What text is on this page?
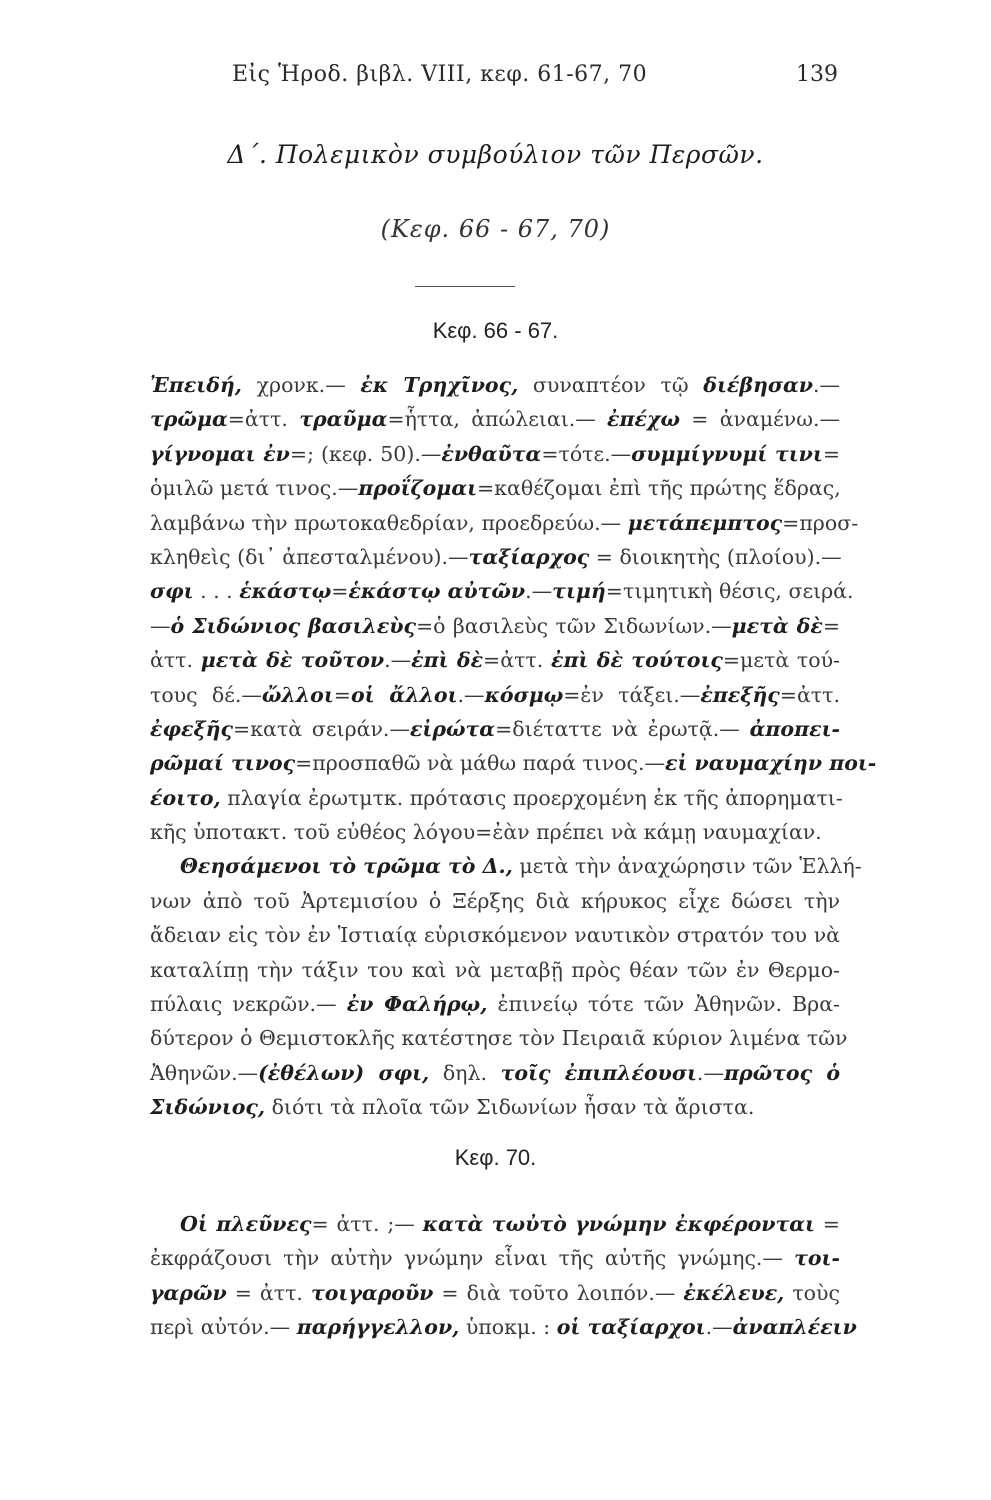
Εἰς Ἡροδ. βιβλ. VIII, κεφ. 61-67, 70	139
Δ΄. Πολεμικὸν συμβούλιον τῶν Περσῶν.
(Κεφ. 66 - 67, 70)
Κεφ. 66 - 67.
Ἐπειδή, χρονκ.— ἐκ Τρηχῖνος, συναπτέον τῷ διέβησαν.—
τρῶμα=ἀττ. τραῦμα=ἧττα, ἀπώλειαι.— ἐπέχω = ἀναμένω.—
γίγνομαι ἐν=; (κεφ. 50).—ἐνθαῦτα=τότε.—συμμίγνυμί τινι=
ὁμιλῶ μετά τινος.—προΐζομαι=καθέζομαι ἐπὶ τῆς πρώτης ἕδρας,
λαμβάνω τὴν πρωτοκαθεδρίαν, προεδρεύω.— μετάπεμπτος=προσ-
κληθεὶς (δι᾽ ἀπεσταλμένου).—ταξίαρχος = διοικητὴς (πλοίου).—
σφι . . . ἑκάστῳ=ἑκάστῳ αὐτῶν.—τιμή=τιμητικὴ θέσις, σειρά.
—ὁ Σιδώνιος βασιλεὺς=ὁ βασιλεὺς τῶν Σιδωνίων.—μετὰ δὲ=
ἀττ. μετὰ δὲ τοῦτον.—ἐπὶ δὲ=ἀττ. ἐπὶ δὲ τούτοις=μετὰ τού-
τους δέ.—ὤλλοι=οἱ ἄλλοι.—κόσμῳ=ἐν τάξει.—ἐπεξῆς=ἀττ.
ἐφεξῆς=κατὰ σειράν.—εἰρώτα=διέταττε νὰ ἐρωτᾷ.— ἀποπει-
ρῶμαί τινος=προσπαθῶ νὰ μάθω παρά τινος.—εἰ ναυμαχίην ποι-
έοιτο, πλαγία ἐρωτμτκ. πρότασις προερχομένη ἐκ τῆς ἀπορηματι-
κῆς ὑποτακτ. τοῦ εὐθέος λόγου=ἐὰν πρέπει νὰ κάμῃ ναυμαχίαν.
Θεησάμενοι τὸ τρῶμα τὸ Δ., μετὰ τὴν ἀναχώρησιν τῶν Ἑλλή-
νων ἀπὸ τοῦ Ἀρτεμισίου ὁ Ξέρξης διὰ κήρυκος εἶχε δώσει τὴν
ἄδειαν εἰς τὸν ἐν Ἱστιαίᾳ εὑρισκόμενον ναυτικὸν στρατόν του νὰ
καταλίπῃ τὴν τάξιν του καὶ νὰ μεταβῇ πρὸς θέαν τῶν ἐν Θερμο-
πύλαις νεκρῶν.— ἐν Φαλήρῳ, ἐπινείῳ τότε τῶν Ἀθηνῶν. Βρα-
δύτερον ὁ Θεμιστοκλῆς κατέστησε τὸν Πειραιᾶ κύριον λιμένα τῶν
Ἀθηνῶν.—(ἐθέλων) σφι, δηλ. τοῖς ἐπιπλέουσι.—πρῶτος ὁ
Σιδώνιος, διότι τὰ πλοῖα τῶν Σιδωνίων ἦσαν τὰ ἄριστα.
Κεφ. 70.
Οἱ πλεῦνες= ἀττ. ;— κατὰ τωὐτὸ γνώμην ἐκφέρονται =
ἐκφράζουσι τὴν αὐτὴν γνώμην εἶναι τῆς αὐτῆς γνώμης.— τοι-
γαρῶν = ἀττ. τοιγαροῦν = διὰ τοῦτο λοιπόν.— ἐκέλευε, τοὺς
περὶ αὐτόν.— παρήγγελλον, ὑποκμ. : οἱ ταξίαρχοι.—ἀναπλέειν
